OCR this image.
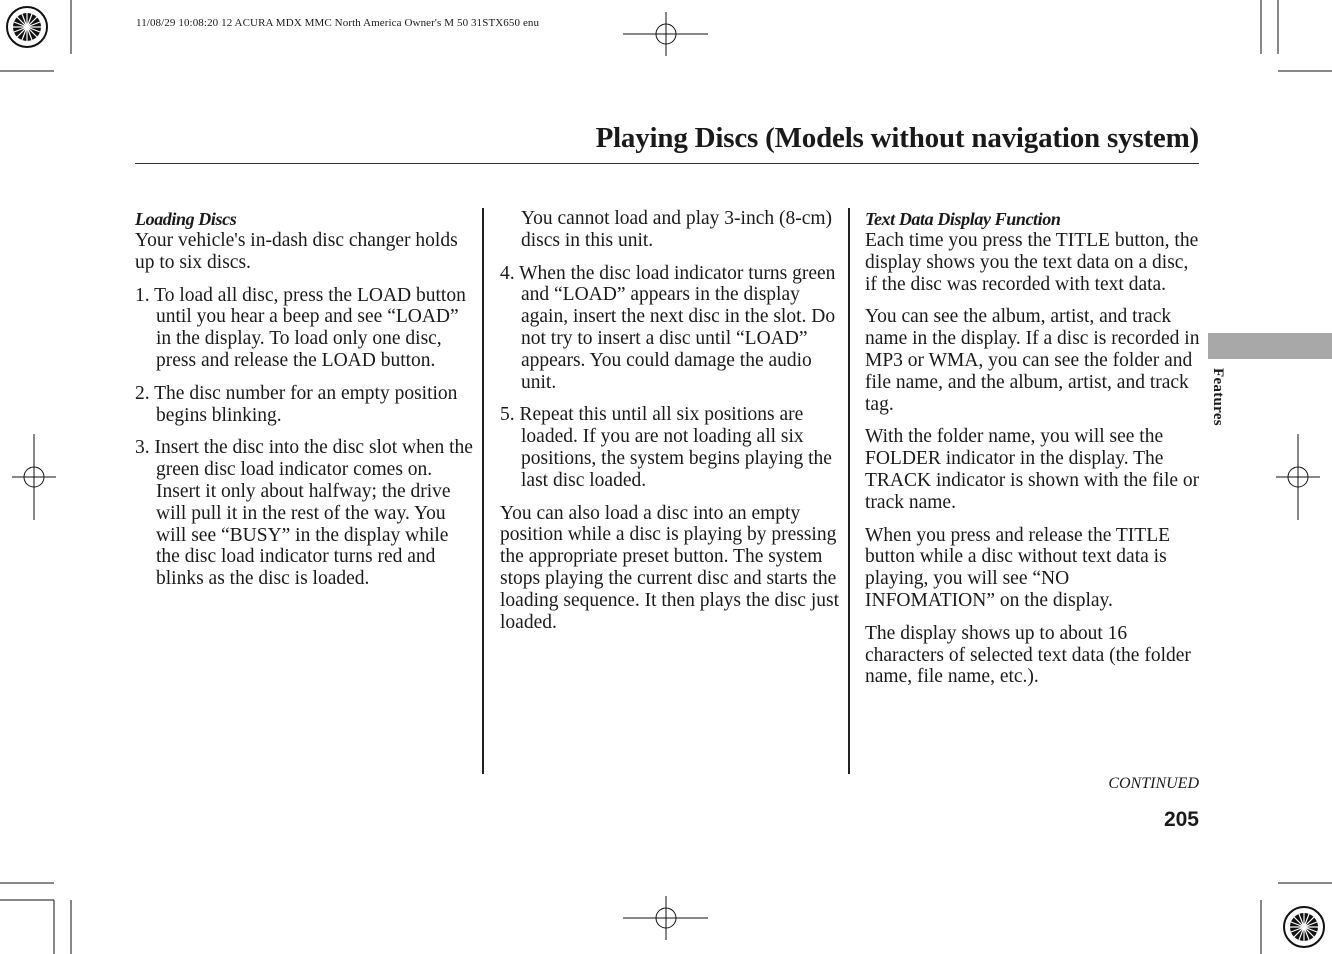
11/08/29 10:08:20 12 ACURA MDX MMC North America Owner's M 50 31STX650 enu
Playing Discs (Models without navigation system)
Loading Discs

Your vehicle's in-dash disc changer holds up to six discs.

1. To load all disc, press the LOAD button until you hear a beep and see “LOAD” in the display. To load only one disc, press and release the LOAD button.
2. The disc number for an empty position begins blinking.
3. Insert the disc into the disc slot when the green disc load indicator comes on. Insert it only about halfway; the drive will pull it in the rest of the way. You will see “BUSY” in the display while the disc load indicator turns red and blinks as the disc is loaded.
You cannot load and play 3-inch (8-cm) discs in this unit.
4. When the disc load indicator turns green and “LOAD” appears in the display again, insert the next disc in the slot. Do not try to insert a disc until “LOAD” appears. You could damage the audio unit.
5. Repeat this until all six positions are loaded. If you are not loading all six positions, the system begins playing the last disc loaded.

You can also load a disc into an empty position while a disc is playing by pressing the appropriate preset button. The system stops playing the current disc and starts the loading sequence. It then plays the disc just loaded.

Text Data Display Function

Each time you press the TITLE button, the display shows you the text data on a disc, if the disc was recorded with text data.

You can see the album, artist, and track name in the display. If a disc is recorded in MP3 or WMA, you can see the folder and file name, and the album, artist, and track tag.

With the folder name, you will see the FOLDER indicator in the display. The TRACK indicator is shown with the file or track name.

When you press and release the TITLE button while a disc without text data is playing, you will see “NO INFOMATION” on the display.

The display shows up to about 16 characters of selected text data (the folder name, file name, etc.).

Features
CONTINUED
205
